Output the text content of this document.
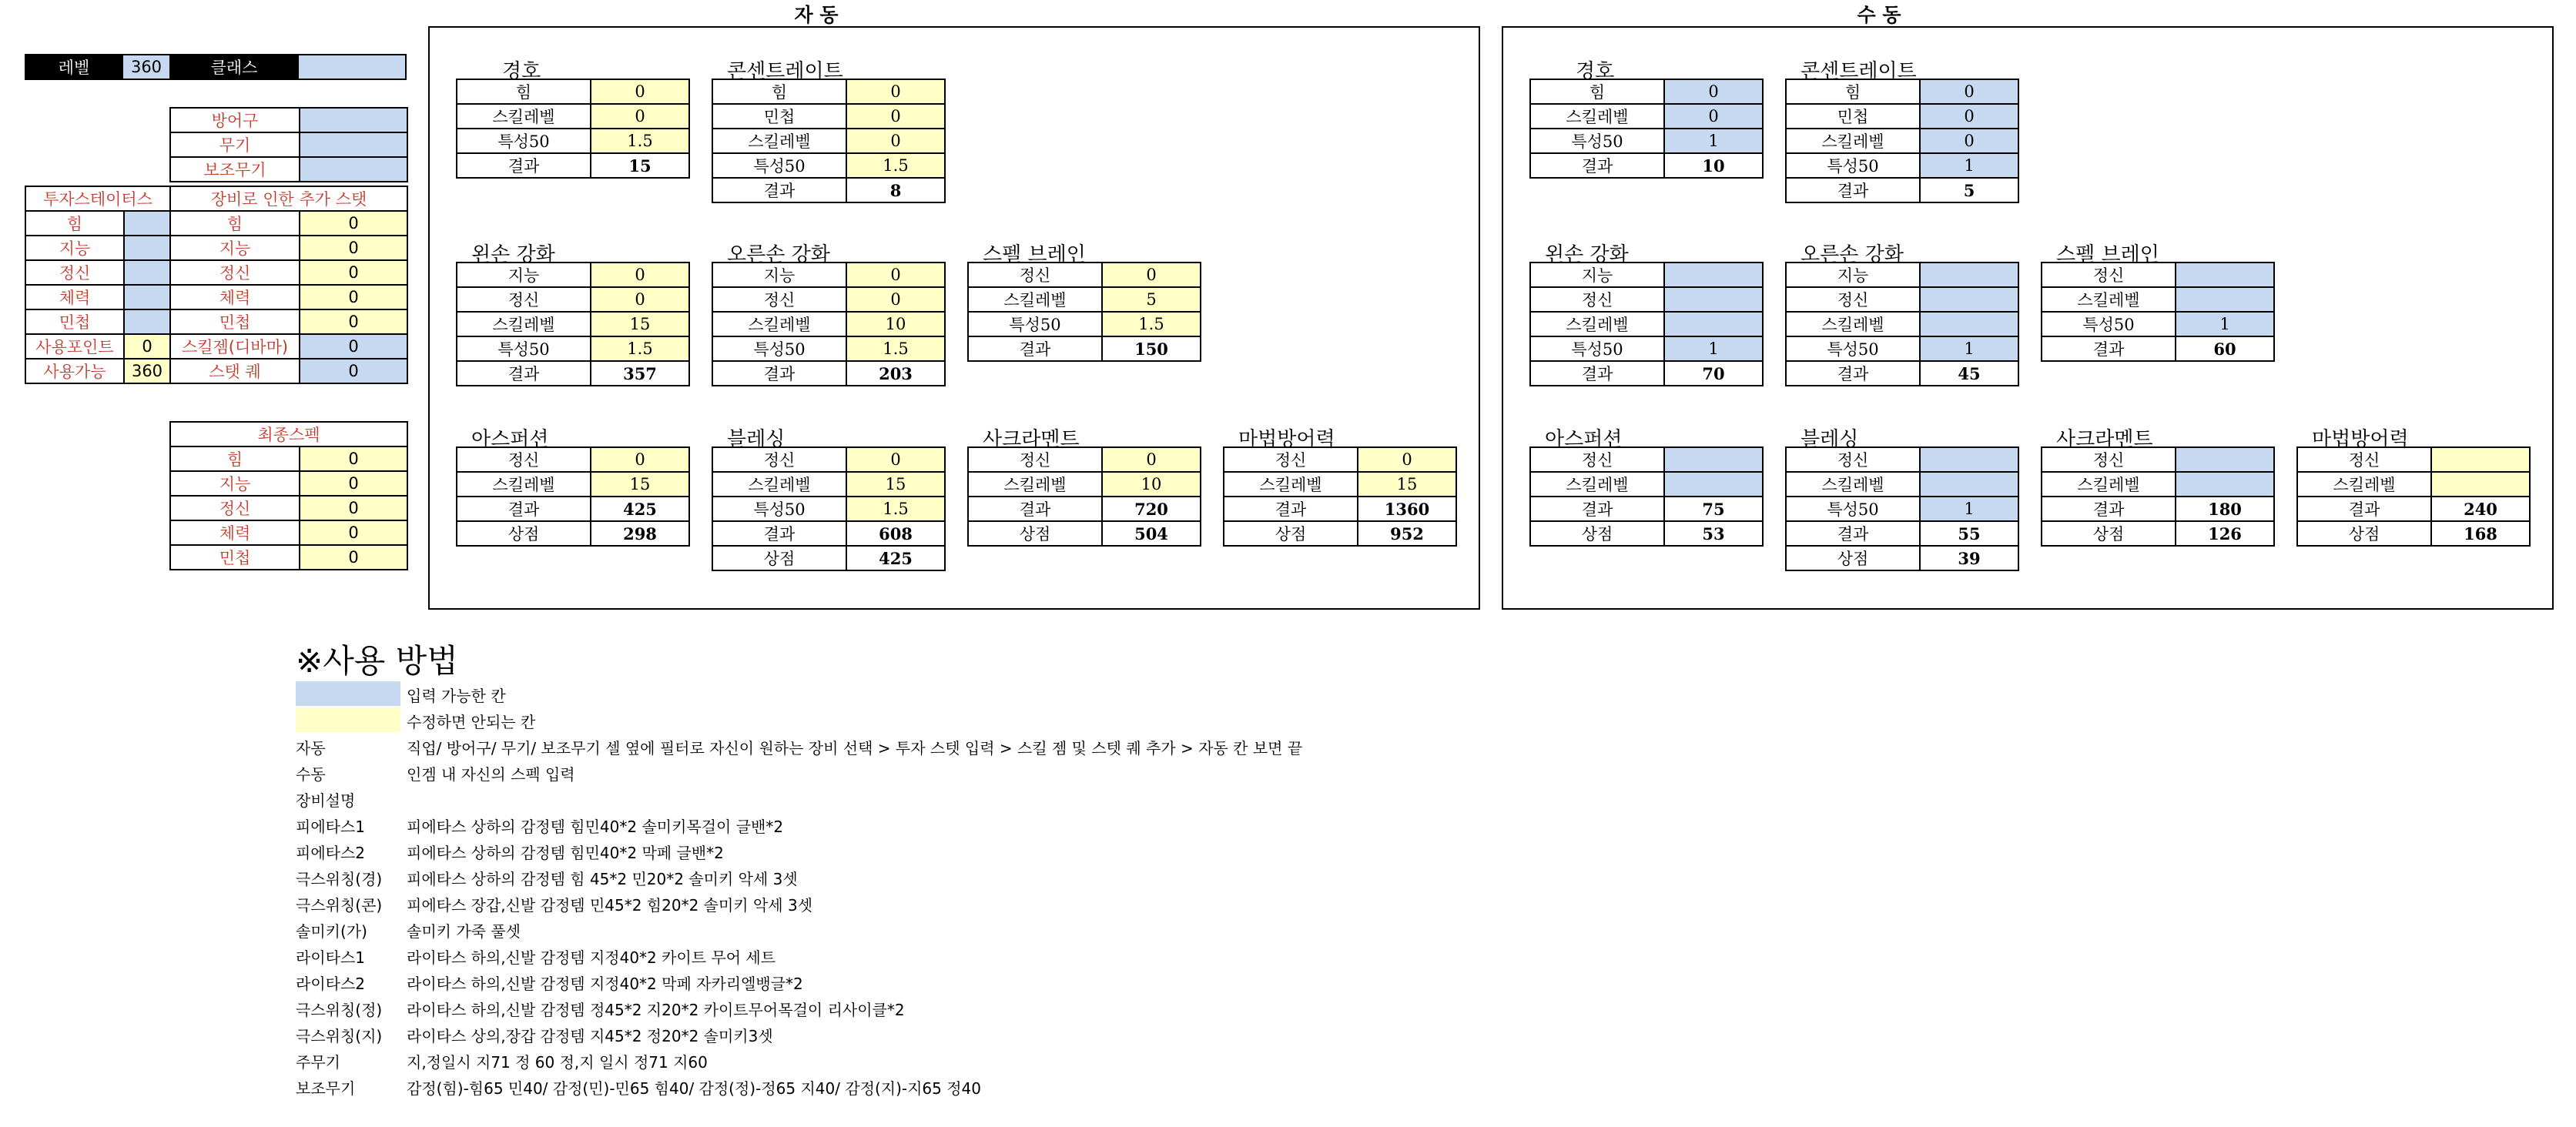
자 동	수 동
레벨	360	클래스
방어구	
무기	
보조무기	
투자스테이터스		장비로 인한 추가 스탯	
힘		힘	0
지능		지능	0
정신		정신	0
체력		체력	0
민첩		민첩	0
사용포인트	0	스킬젬(디바마)	0
사용가능	360	스탯 퀘	0
최종스펙	
힘	0
지능	0
정신	0
체력	0
민첩	0
경호
힘	0
스킬레벨	0
특성50	1.5
결과	15
콘센트레이트
힘	0
민첩	0
스킬레벨	0
특성50	1.5
결과	8
왼손 강화
지능	0
정신	0
스킬레벨	15
특성50	1.5
결과	357
오른손 강화
지능	0
정신	0
스킬레벨	10
특성50	1.5
결과	203
스펠 브레인
정신	0
스킬레벨	5
특성50	1.5
결과	150
아스퍼션
정신	0
스킬레벨	15
결과	425
상점	298
블레싱
정신	0
스킬레벨	15
특성50	1.5
결과	608
상점	425
사크라멘트
정신	0
스킬레벨	10
결과	720
상점	504
마법방어력
정신	0
스킬레벨	15
결과	1360
상점	952
경호
힘	0
스킬레벨	0
특성50	1
결과	10
콘센트레이트
힘	0
민첩	0
스킬레벨	0
특성50	1
결과	5
왼손 강화
지능	
정신	
스킬레벨	
특성50	1
결과	70
오른손 강화
지능	
정신	
스킬레벨	
특성50	1
결과	45
스펠 브레인
정신	
스킬레벨	
특성50	1
결과	60
아스퍼션
정신	
스킬레벨	
결과	75
상점	53
블레싱
정신	
스킬레벨	
특성50	1
결과	55
상점	39
사크라멘트
정신	
스킬레벨	
결과	180
상점	126
마법방어력
정신	
스킬레벨	
결과	240
상점	168
※사용 방법
입력 가능한 칸
수정하면 안되는 칸
자동	직업/ 방어구/ 무기/ 보조무기 셀 옆에 필터로 자신이 원하는 장비 선택 > 투자 스텟 입력 > 스킬 젬 및 스텟 퀘 추가 > 자동 칸 보면 끝
수동	인겜 내 자신의 스펙 입력
장비설명
피에타스1	피에타스 상하의 감정템 힘민40*2 솔미키목걸이 글밴*2
피에타스2	피에타스 상하의 감정템 힘민40*2 막페 글밴*2
극스위칭(경) 피에타스 상하의 감정템 힘 45*2 민20*2 솔미키 악세 3셋
극스위칭(콘) 피에타스 장갑,신발 감정템 민45*2 힘20*2 솔미키 악세 3셋
솔미키(가)	솔미키 가죽 풀셋
라이타스1	라이타스 하의,신발 감정템 지정40*2 카이트 무어 세트
라이타스2	라이타스 하의,신발 감정템 지정40*2 막페 자카리엘뱅글*2
극스위칭(정) 라이타스 하의,신발 감정템 정45*2 지20*2 카이트무어목걸이 리사이클*2
극스위칭(지) 라이타스 상의,장갑 감정템 지45*2 정20*2 솔미키3셋
주무기	지,정일시 지71 정 60 정,지 일시 정71 지60
보조무기	감정(힘)-힘65 민40/ 감정(민)-민65 힘40/ 감정(정)-정65 지40/ 감정(지)-지65 정40
